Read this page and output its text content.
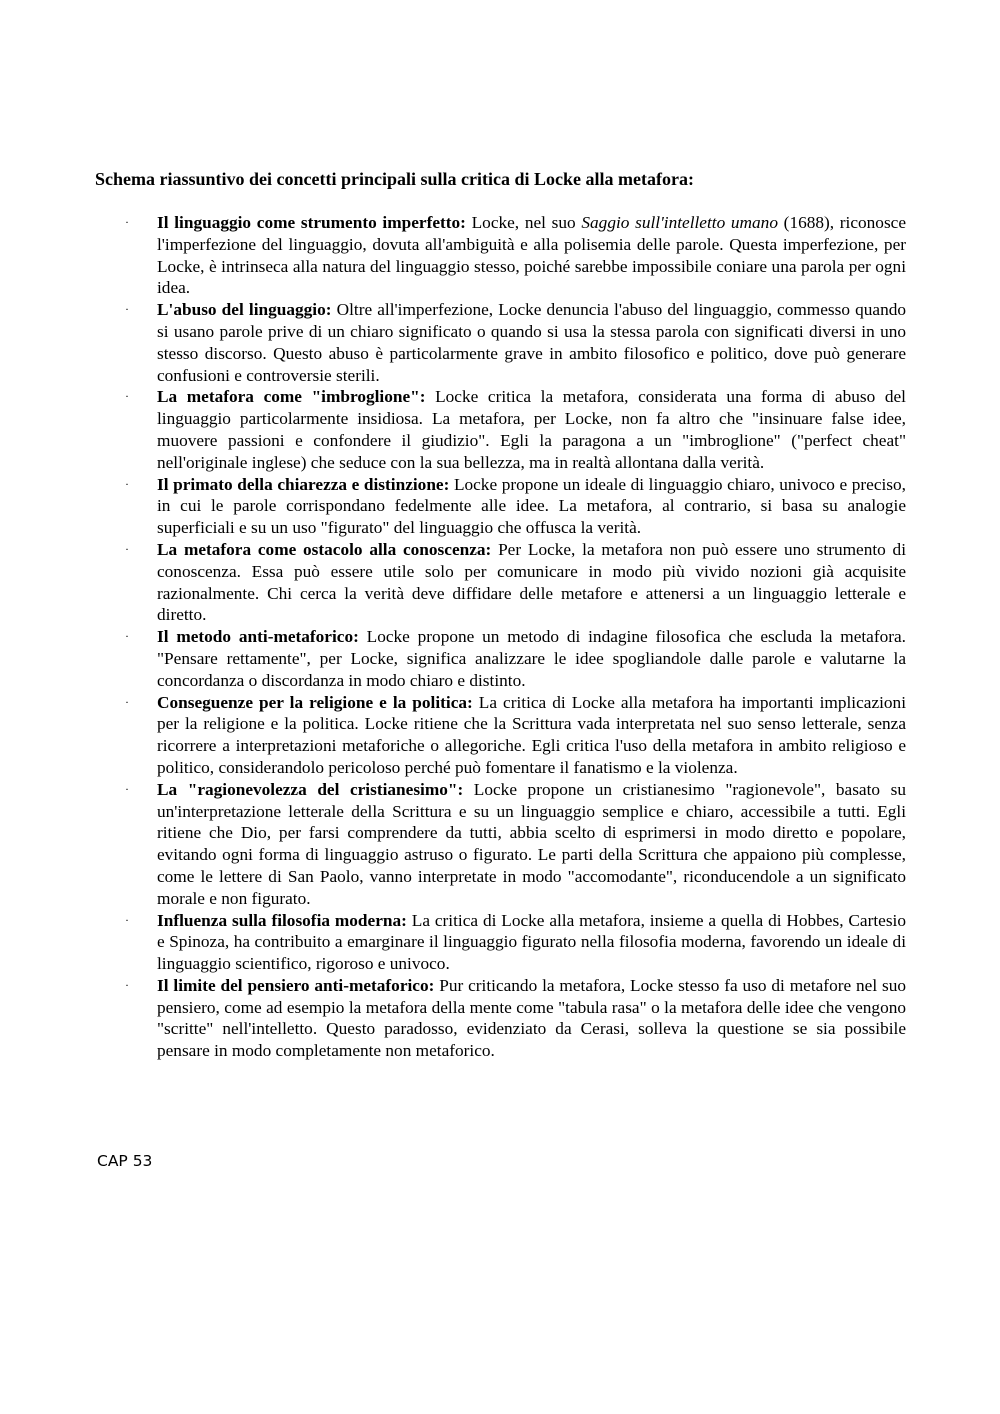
Schema riassuntivo dei concetti principali sulla critica di Locke alla metafora:

· Il linguaggio come strumento imperfetto: Locke, nel suo Saggio sull'intelletto umano (1688), riconosce l'imperfezione del linguaggio, dovuta all'ambiguità e alla polisemia delle parole. Questa imperfezione, per Locke, è intrinseca alla natura del linguaggio stesso, poiché sarebbe impossibile coniare una parola per ogni idea.
· L'abuso del linguaggio: Oltre all'imperfezione, Locke denuncia l'abuso del linguaggio, commesso quando si usano parole prive di un chiaro significato o quando si usa la stessa parola con significati diversi in uno stesso discorso. Questo abuso è particolarmente grave in ambito filosofico e politico, dove può generare confusioni e controversie sterili.
· La metafora come "imbroglione": Locke critica la metafora, considerata una forma di abuso del linguaggio particolarmente insidiosa. La metafora, per Locke, non fa altro che "insinuare false idee, muovere passioni e confondere il giudizio". Egli la paragona a un "imbroglione" ("perfect cheat" nell'originale inglese) che seduce con la sua bellezza, ma in realtà allontana dalla verità.
· Il primato della chiarezza e distinzione: Locke propone un ideale di linguaggio chiaro, univoco e preciso, in cui le parole corrispondano fedelmente alle idee. La metafora, al contrario, si basa su analogie superficiali e su un uso "figurato" del linguaggio che offusca la verità.
· La metafora come ostacolo alla conoscenza: Per Locke, la metafora non può essere uno strumento di conoscenza. Essa può essere utile solo per comunicare in modo più vivido nozioni già acquisite razionalmente. Chi cerca la verità deve diffidare delle metafore e attenersi a un linguaggio letterale e diretto.
· Il metodo anti-metaforico: Locke propone un metodo di indagine filosofica che escluda la metafora. "Pensare rettamente", per Locke, significa analizzare le idee spogliandole dalle parole e valutarne la concordanza o discordanza in modo chiaro e distinto.
· Conseguenze per la religione e la politica: La critica di Locke alla metafora ha importanti implicazioni per la religione e la politica. Locke ritiene che la Scrittura vada interpretata nel suo senso letterale, senza ricorrere a interpretazioni metaforiche o allegoriche. Egli critica l'uso della metafora in ambito religioso e politico, considerandolo pericoloso perché può fomentare il fanatismo e la violenza.
· La "ragionevolezza del cristianesimo": Locke propone un cristianesimo "ragionevole", basato su un'interpretazione letterale della Scrittura e su un linguaggio semplice e chiaro, accessibile a tutti. Egli ritiene che Dio, per farsi comprendere da tutti, abbia scelto di esprimersi in modo diretto e popolare, evitando ogni forma di linguaggio astruso o figurato. Le parti della Scrittura che appaiono più complesse, come le lettere di San Paolo, vanno interpretate in modo "accomodante", riconducendole a un significato morale e non figurato.
· Influenza sulla filosofia moderna: La critica di Locke alla metafora, insieme a quella di Hobbes, Cartesio e Spinoza, ha contribuito a emarginare il linguaggio figurato nella filosofia moderna, favorendo un ideale di linguaggio scientifico, rigoroso e univoco.
· Il limite del pensiero anti-metaforico: Pur criticando la metafora, Locke stesso fa uso di metafore nel suo pensiero, come ad esempio la metafora della mente come "tabula rasa" o la metafora delle idee che vengono "scritte" nell'intelletto. Questo paradosso, evidenziato da Cerasi, solleva la questione se sia possibile pensare in modo completamente non metaforico.

CAP 53
